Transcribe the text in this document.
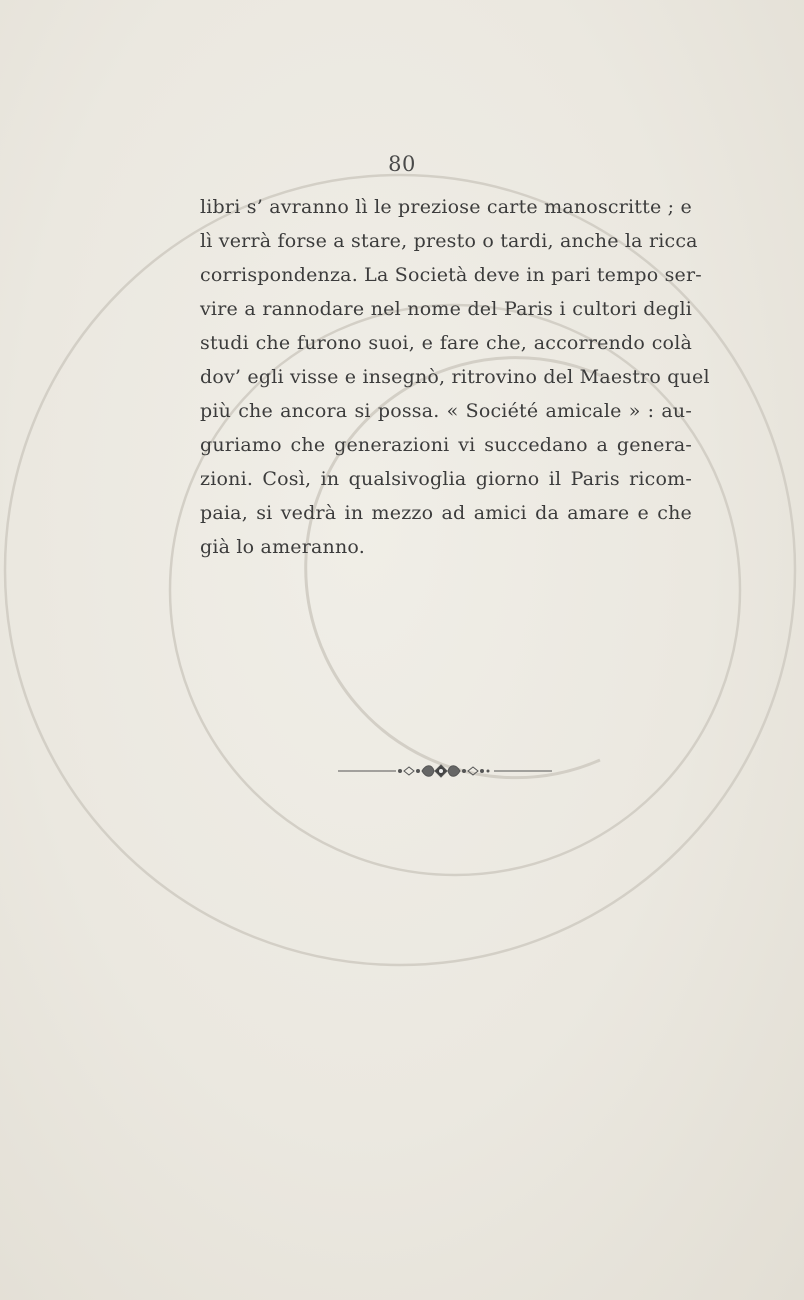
80
libri s’ avranno lì le preziose carte manoscritte ; e
lì verrà forse a stare, presto o tardi, anche la ricca
corrispondenza. La Società deve in pari tempo ser-
vire a rannodare nel nome del Paris i cultori degli
studi che furono suoi, e fare che, accorrendo colà
dov’ egli visse e insegnò, ritrovino del Maestro quel
più che ancora si possa. « Société amicale » : au-
guriamo che generazioni vi succedano a genera-
zioni. Così, in qualsivoglia giorno il Paris ricom-
paia, si vedrà in mezzo ad amici da amare e che
già lo ameranno.
